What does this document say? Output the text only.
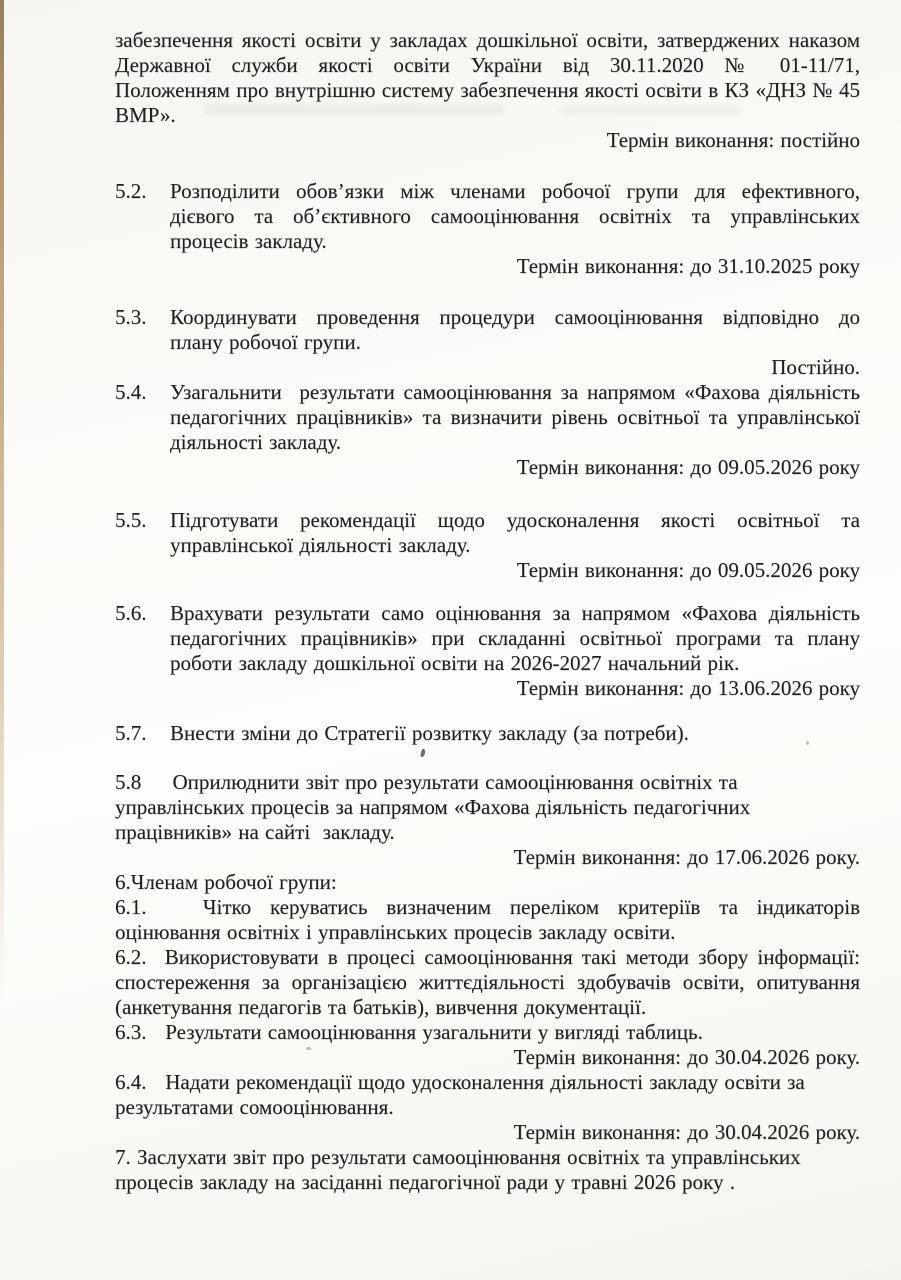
забезпечення якості освіти у закладах дошкільної освіти, затверджених наказом
Державної служби якості освіти України від 30.11.2020 № 01-11/71,
Положенням про внутрішню систему забезпечення якості освіти в КЗ «ДНЗ № 45
ВМР».
Термін виконання: постійно
5.2.	Розподілити обов’язки між членами робочої групи для ефективного,
дієвого та об’єктивного самооцінювання освітніх та управлінських
процесів закладу.
Термін виконання: до 31.10.2025 року
5.3.	Координувати проведення процедури самооцінювання відповідно до
плану робочої групи.
Постійно.
5.4.	Узагальнити  результати самооцінювання за напрямом «Фахова діяльність
педагогічних працівників» та визначити рівень освітньої та управлінської
діяльності закладу.
Термін виконання: до 09.05.2026 року
5.5.	Підготувати рекомендації щодо удосконалення якості освітньої та
управлінської діяльності закладу.
Термін виконання: до 09.05.2026 року
5.6.	Врахувати результати само оцінювання за напрямом «Фахова діяльність
педагогічних працівників» при складанні освітньої програми та плану
роботи закладу дошкільної освіти на 2026-2027 начальний рік.
Термін виконання: до 13.06.2026 року
5.7.	Внести зміни до Стратегії розвитку закладу (за потреби).
5.8     Оприлюднити звіт про результати самооцінювання освітніх та
управлінських процесів за напрямом «Фахова діяльність педагогічних
працівників» на сайті  закладу.
Термін виконання: до 17.06.2026 року.
6.Членам робочої групи:
6.1.   Чітко керуватись визначеним переліком критеріїв та індикаторів
оцінювання освітніх і управлінських процесів закладу освіти.
6.2.  Використовувати в процесі самооцінювання такі методи збору інформації:
спостереження за організацією життєдіяльності здобувачів освіти, опитування
(анкетування педагогів та батьків), вивчення документації.
6.3.   Результати самооцінювання узагальнити у вигляді таблиць.
Термін виконання: до 30.04.2026 року.
6.4.   Надати рекомендації щодо удосконалення діяльності закладу освіти за
результатами сомооцінювання.
Термін виконання: до 30.04.2026 року.
7. Заслухати звіт про результати самооцінювання освітніх та управлінських
процесів закладу на засіданні педагогічної ради у травні 2026 року .
